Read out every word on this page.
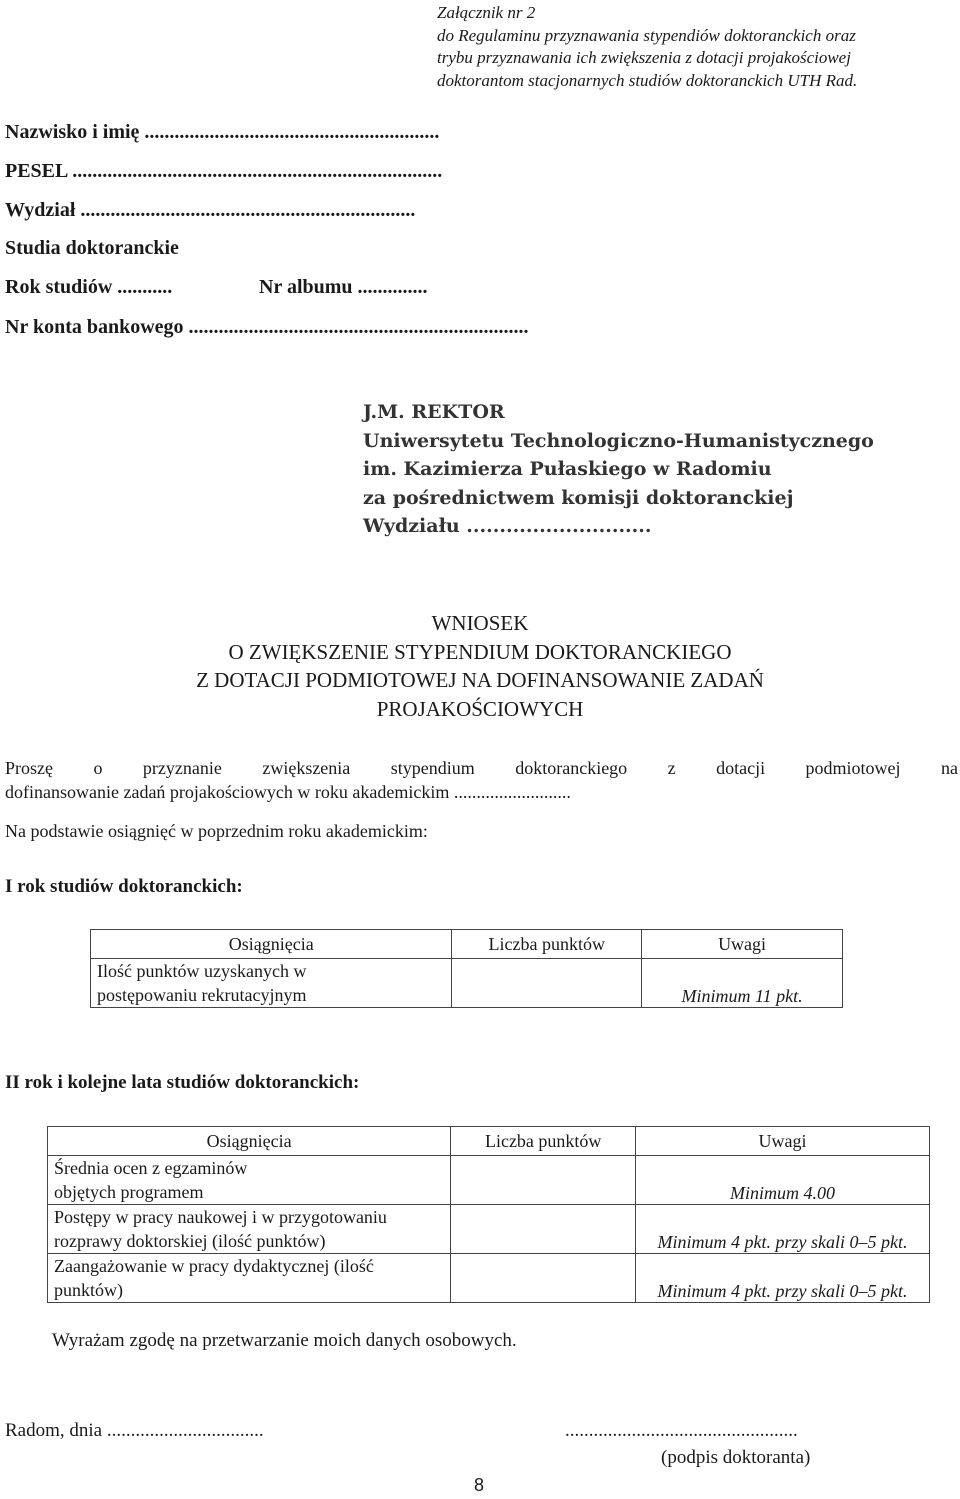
Załącznik nr 2
do Regulaminu przyznawania stypendiów doktoranckich oraz
trybu przyznawania ich zwiększenia z dotacji projakościowej
doktorantom stacjonarnych studiów doktoranckich UTH Rad.
Nazwisko i imię ...........................................................
PESEL ..........................................................................
Wydział ...................................................................
Studia doktoranckie
Rok studiów ...........	Nr albumu ..............
Nr konta bankowego ....................................................................
J.M. REKTOR
Uniwersytetu Technologiczno-Humanistycznego
im. Kazimierza Pułaskiego w Radomiu
za pośrednictwem komisji doktoranckiej
Wydziału ............................
WNIOSEK
O ZWIĘKSZENIE STYPENDIUM DOKTORANCKIEGO
Z DOTACJI PODMIOTOWEJ NA DOFINANSOWANIE ZADAŃ
PROJAKOŚCIOWYCH
Proszę o przyznanie zwiększenia stypendium doktoranckiego z dotacji podmiotowej na
dofinansowanie zadań projakościowych w roku akademickim ..........................
Na podstawie osiągnięć w poprzednim roku akademickim:
I rok studiów doktoranckich:
Osiągnięcia	Liczba punktów	Uwagi

Ilość punktów uzyskanych w
postępowaniu rekrutacyjnym		Minimum 11 pkt.
II rok i kolejne lata studiów doktoranckich:
Osiągnięcia	Liczba punktów	Uwagi

Średnia ocen z egzaminów
objętych programem		Minimum 4.00

Postępy w pracy naukowej i w przygotowaniu
rozprawy doktorskiej (ilość punktów)		Minimum 4 pkt. przy skali 0–5 pkt.

Zaangażowanie w pracy dydaktycznej (ilość
punktów)		Minimum 4 pkt. przy skali 0–5 pkt.
Wyrażam zgodę na przetwarzanie moich danych osobowych.
Radom, dnia .................................	.................................................
(podpis doktoranta)
8
